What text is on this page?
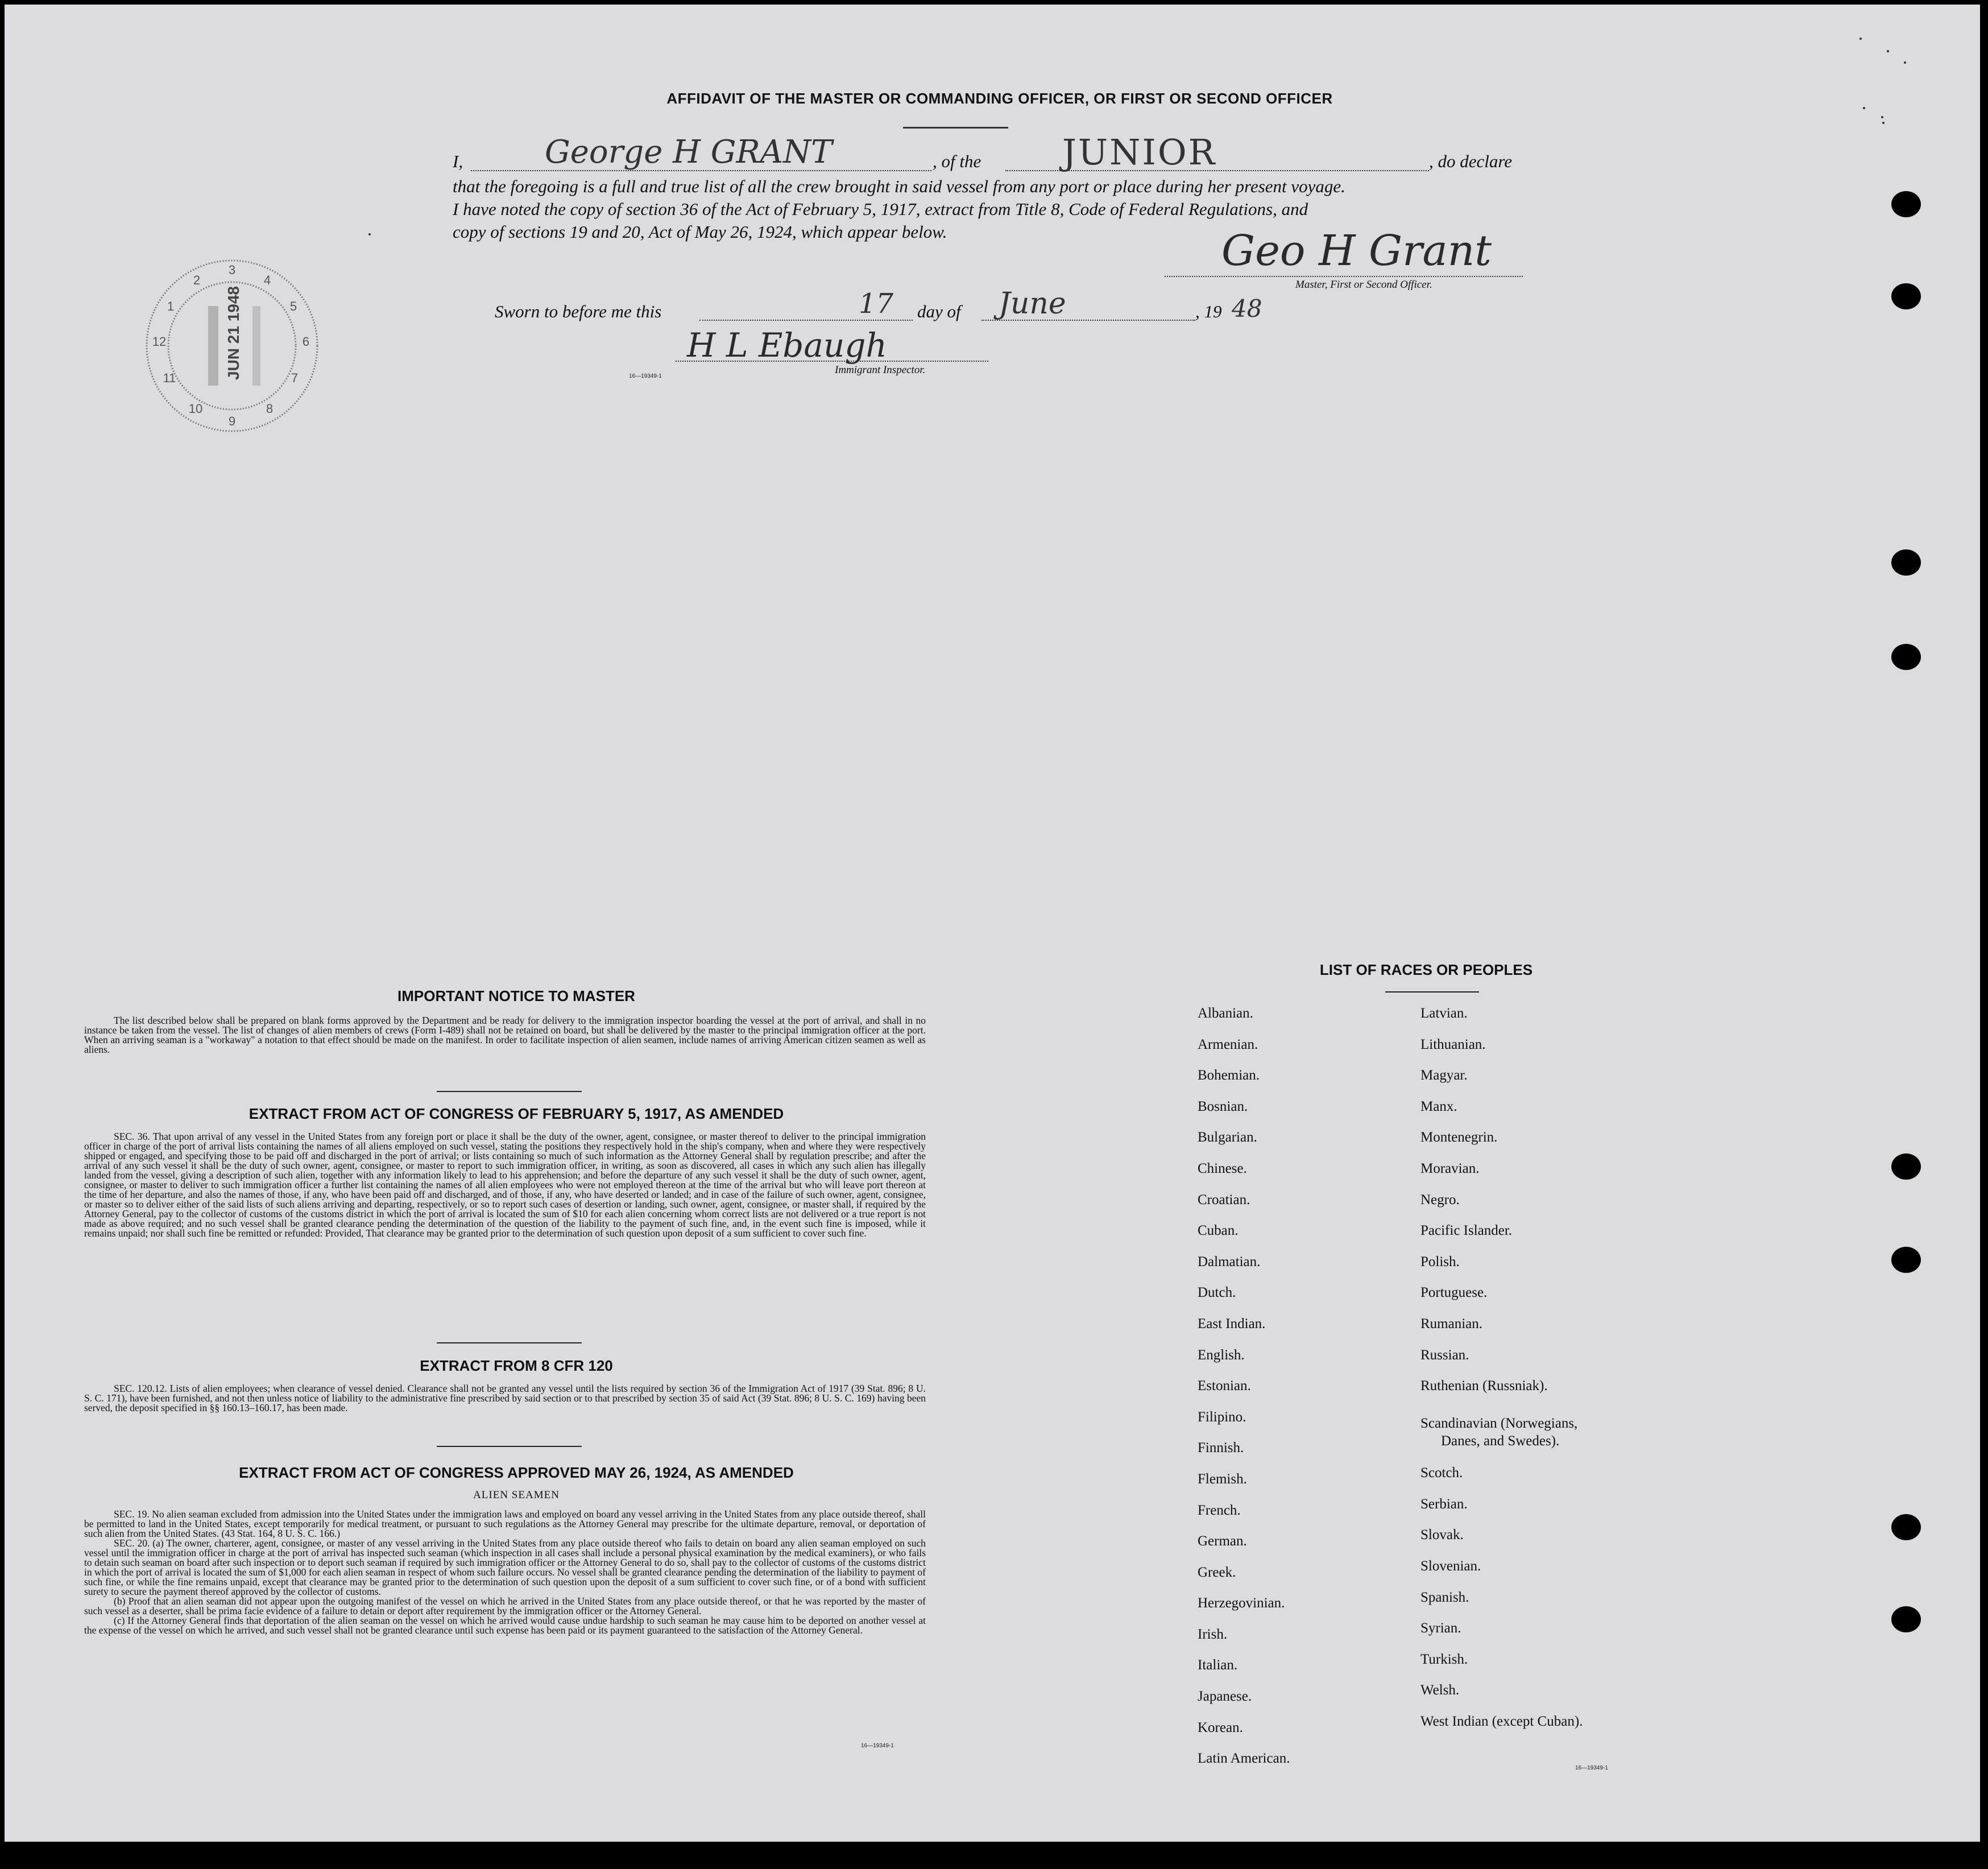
AFFIDAVIT OF THE MASTER OR COMMANDING OFFICER, OR FIRST OR SECOND OFFICER
I,	George H GRANT	, of the JUNIOR	, do declare
that the foregoing is a full and true list of all the crew brought in said vessel from any port or place during her present voyage.
I have noted the copy of section 36 of the Act of February 5, 1917, extract from Title 8, Code of Federal Regulations, and
copy of sections 19 and 20, Act of May 26, 1924, which appear below.	Geo H Grant
Master, First or Second Officer.
Sworn to before me this	17 day of June	, 19 48
H L Ebaugh
Immigrant Inspector.
16—19349-1
3
4
5
6
7
8
9
10
11
12
1
2
JUN 21 1948
IMPORTANT NOTICE TO MASTER
The list described below shall be prepared on blank forms approved by the Department and be ready for delivery to the immigration inspector boarding the vessel at the port of arrival, and shall in no instance be taken from the vessel. The list of changes of alien members of crews (Form I-489) shall not be retained on board, but shall be delivered by the master to the principal immigration officer at the port. When an arriving seaman is a "workaway" a notation to that effect should be made on the manifest. In order to facilitate inspection of alien seamen, include names of arriving American citizen seamen as well as aliens.
EXTRACT FROM ACT OF CONGRESS OF FEBRUARY 5, 1917, AS AMENDED
SEC. 36. That upon arrival of any vessel in the United States from any foreign port or place it shall be the duty of the owner, agent, consignee, or master thereof to deliver to the principal immigration officer in charge of the port of arrival lists containing the names of all aliens employed on such vessel, stating the positions they respectively hold in the ship's company, when and where they were respectively shipped or engaged, and specifying those to be paid off and discharged in the port of arrival; or lists containing so much of such information as the Attorney General shall by regulation prescribe; and after the arrival of any such vessel it shall be the duty of such owner, agent, consignee, or master to report to such immigration officer, in writing, as soon as discovered, all cases in which any such alien has illegally landed from the vessel, giving a description of such alien, together with any information likely to lead to his apprehension; and before the departure of any such vessel it shall be the duty of such owner, agent, consignee, or master to deliver to such immigration officer a further list containing the names of all alien employees who were not employed thereon at the time of the arrival but who will leave port thereon at the time of her departure, and also the names of those, if any, who have been paid off and discharged, and of those, if any, who have deserted or landed; and in case of the failure of such owner, agent, consignee, or master so to deliver either of the said lists of such aliens arriving and departing, respectively, or so to report such cases of desertion or landing, such owner, agent, consignee, or master shall, if required by the Attorney General, pay to the collector of customs of the customs district in which the port of arrival is located the sum of $10 for each alien concerning whom correct lists are not delivered or a true report is not made as above required; and no such vessel shall be granted clearance pending the determination of the question of the liability to the payment of such fine, and, in the event such fine is imposed, while it remains unpaid; nor shall such fine be remitted or refunded: Provided, That clearance may be granted prior to the determination of such question upon deposit of a sum sufficient to cover such fine.
EXTRACT FROM 8 CFR 120
SEC. 120.12. Lists of alien employees; when clearance of vessel denied. Clearance shall not be granted any vessel until the lists required by section 36 of the Immigration Act of 1917 (39 Stat. 896; 8 U. S. C. 171), have been furnished, and not then unless notice of liability to the administrative fine prescribed by said section or to that prescribed by section 35 of said Act (39 Stat. 896; 8 U. S. C. 169) having been served, the deposit specified in §§ 160.13–160.17, has been made.
EXTRACT FROM ACT OF CONGRESS APPROVED MAY 26, 1924, AS AMENDED
ALIEN SEAMEN
SEC. 19. No alien seaman excluded from admission into the United States under the immigration laws and employed on board any vessel arriving in the United States from any place outside thereof, shall be permitted to land in the United States, except temporarily for medical treatment, or pursuant to such regulations as the Attorney General may prescribe for the ultimate departure, removal, or deportation of such alien from the United States. (43 Stat. 164, 8 U. S. C. 166.)
SEC. 20. (a) The owner, charterer, agent, consignee, or master of any vessel arriving in the United States from any place outside thereof who fails to detain on board any alien seaman employed on such vessel until the immigration officer in charge at the port of arrival has inspected such seaman (which inspection in all cases shall include a personal physical examination by the medical examiners), or who fails to detain such seaman on board after such inspection or to deport such seaman if required by such immigration officer or the Attorney General to do so, shall pay to the collector of customs of the customs district in which the port of arrival is located the sum of $1,000 for each alien seaman in respect of whom such failure occurs. No vessel shall be granted clearance pending the determination of the liability to payment of such fine, or while the fine remains unpaid, except that clearance may be granted prior to the determination of such question upon the deposit of a sum sufficient to cover such fine, or of a bond with sufficient surety to secure the payment thereof approved by the collector of customs.
(b) Proof that an alien seaman did not appear upon the outgoing manifest of the vessel on which he arrived in the United States from any place outside thereof, or that he was reported by the master of such vessel as a deserter, shall be prima facie evidence of a failure to detain or deport after requirement by the immigration officer or the Attorney General.
(c) If the Attorney General finds that deportation of the alien seaman on the vessel on which he arrived would cause undue hardship to such seaman he may cause him to be deported on another vessel at the expense of the vessel on which he arrived, and such vessel shall not be granted clearance until such expense has been paid or its payment guaranteed to the satisfaction of the Attorney General.
16—19349-1
LIST OF RACES OR PEOPLES
Albanian.
Armenian.
Bohemian.
Bosnian.
Bulgarian.
Chinese.
Croatian.
Cuban.
Dalmatian.
Dutch.
East Indian.
English.
Estonian.
Filipino.
Finnish.
Flemish.
French.
German.
Greek.
Herzegovinian.
Irish.
Italian.
Japanese.
Korean.
Latin American.
Latvian.
Lithuanian.
Magyar.
Manx.
Montenegrin.
Moravian.
Negro.
Pacific Islander.
Polish.
Portuguese.
Rumanian.
Russian.
Ruthenian (Russniak).
Scandinavian (Norwegians,
Danes, and Swedes).
Scotch.
Serbian.
Slovak.
Slovenian.
Spanish.
Syrian.
Turkish.
Welsh.
West Indian (except Cuban).
16—19349-1
